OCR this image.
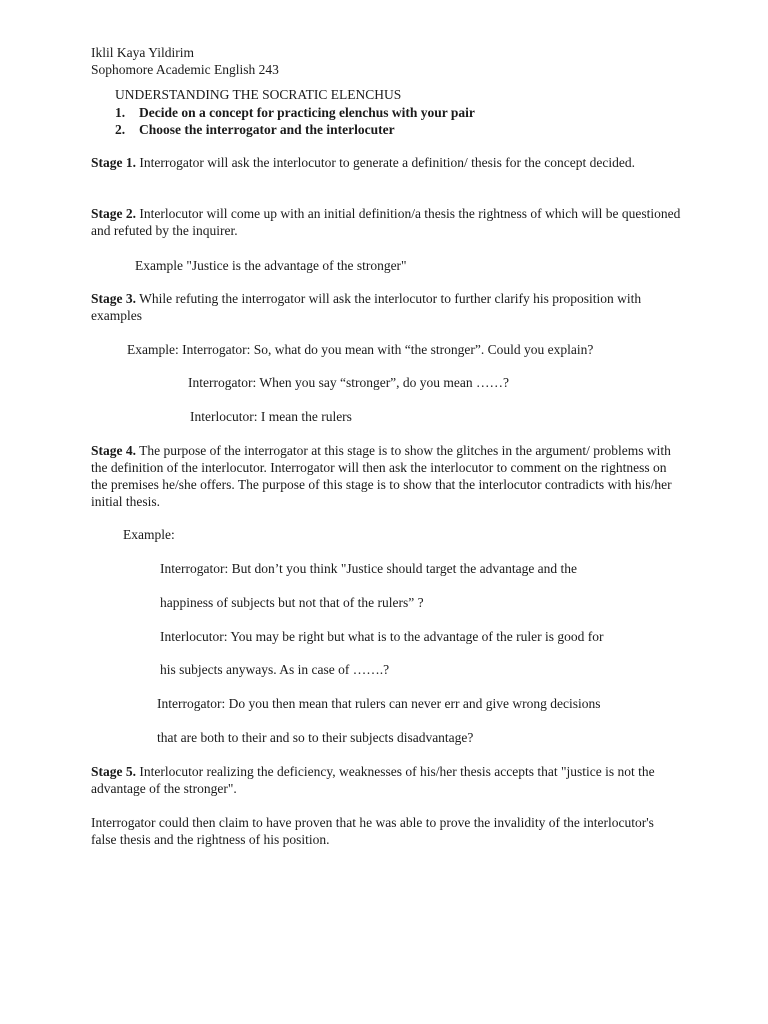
Iklil Kaya Yildirim
Sophomore Academic English 243
UNDERSTANDING THE SOCRATIC ELENCHUS
1. Decide on a concept for practicing elenchus with your pair
2. Choose the interrogator and the interlocuter

Stage 1. Interrogator will ask the interlocutor to generate a definition/ thesis for the concept decided.

Stage 2. Interlocutor will come up with an initial definition/a thesis the rightness of which will be questioned and refuted by the inquirer.

Example "Justice is the advantage of the stronger"

Stage 3. While refuting the interrogator will ask the interlocutor to further clarify his proposition with examples

Example: Interrogator: So, what do you mean with “the stronger”. Could you explain?
Interrogator: When you say “stronger”, do you mean ……?
Interlocutor: I mean the rulers

Stage 4. The purpose of the interrogator at this stage is to show the glitches in the argument/ problems with the definition of the interlocutor. Interrogator will then ask the interlocutor to comment on the rightness on the premises he/she offers. The purpose of this stage is to show that the interlocutor contradicts with his/her initial thesis.

Example:
Interrogator: But don’t you think "Justice should target the advantage and the
happiness of subjects but not that of the rulers” ?
Interlocutor: You may be right but what is to the advantage of the ruler is good for
his subjects anyways. As in case of …….?
Interrogator: Do you then mean that rulers can never err and give wrong decisions
that are both to their and so to their subjects disadvantage?

Stage 5. Interlocutor realizing the deficiency, weaknesses of his/her thesis accepts that "justice is not the advantage of the stronger".

Interrogator could then claim to have proven that he was able to prove the invalidity of the interlocutor's false thesis and the rightness of his position.
